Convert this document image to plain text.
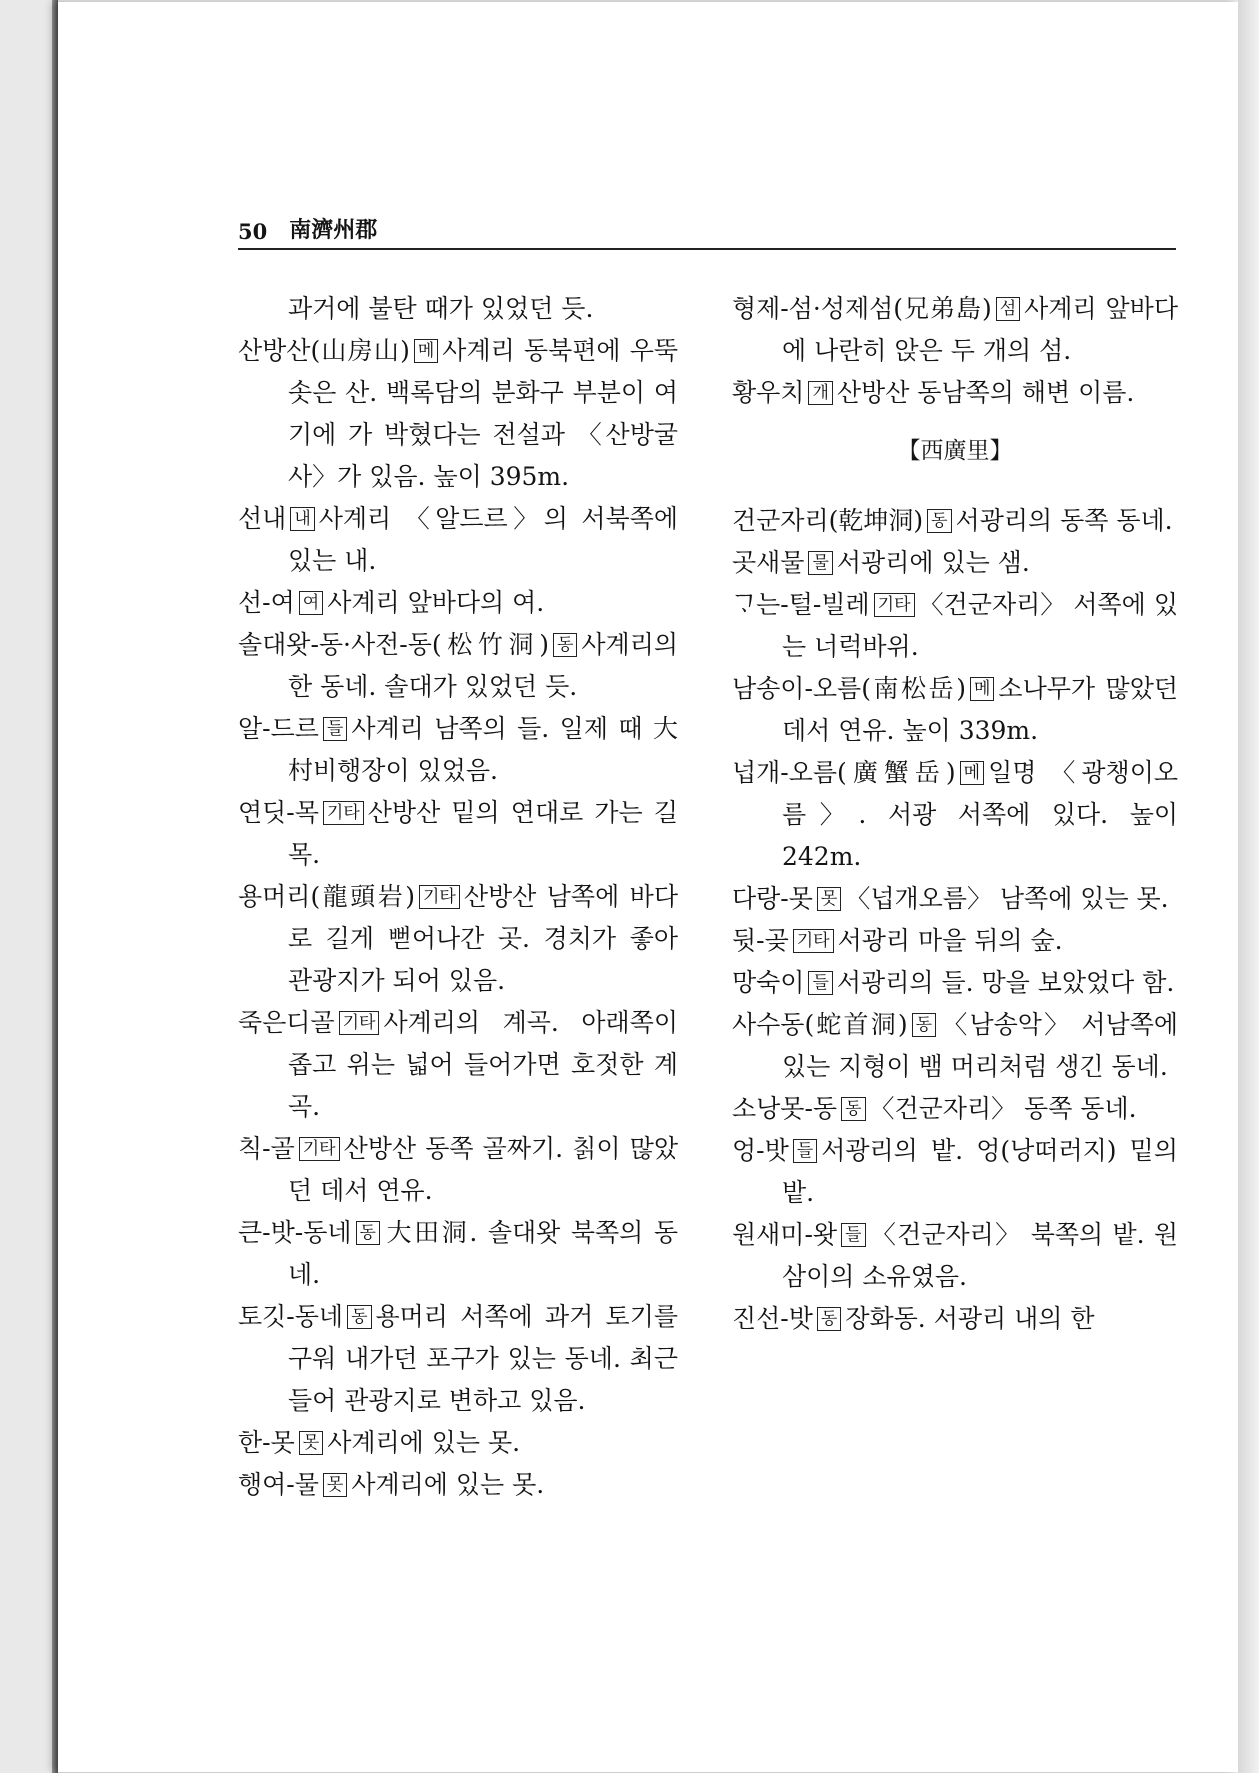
50 南濟州郡
과거에 불탄 때가 있었던 듯.
산방산(山房山) 메 사계리 동북편에 우뚝 솟은 산. 백록담의 분화구 부분이 여기에 가 박혔다는 전설과 〈산방굴사〉가 있음. 높이 395m.
선내 내 사계리 〈알드르〉의 서북쪽에 있는 내.
선-여 여 사계리 앞바다의 여.
솔대왓-동·사전-동(松竹洞) 동 사계리의 한 동네. 솔대가 있었던 듯.
알-드르 들 사계리 남쪽의 들. 일제 때 大村비행장이 있었음.
연딧-목 기타 산방산 밑의 연대로 가는 길목.
용머리(龍頭岩) 기타 산방산 남쪽에 바다로 길게 뻗어나간 곳. 경치가 좋아 관광지가 되어 있음.
죽은디골 기타 사계리의 계곡. 아래쪽이 좁고 위는 넓어 들어가면 호젓한 계곡.
칙-골 기타 산방산 동쪽 골짜기. 칡이 많았던 데서 연유.
큰-밧-동네 동 大田洞. 솔대왓 북쪽의 동네.
토깃-동네 동 용머리 서쪽에 과거 토기를 구워 내가던 포구가 있는 동네. 최근 들어 관광지로 변하고 있음.
한-못 못 사계리에 있는 못.
행여-물 못 사계리에 있는 못.
형제-섬·성제섬(兄弟島) 섬 사계리 앞바다에 나란히 앉은 두 개의 섬.
황우치 개 산방산 동남쪽의 해변 이름.
【西廣里】
건군자리(乾坤洞) 동 서광리의 동쪽 동네.
곳새물 물 서광리에 있는 샘.
ᄀᆞ는-털-빌레 기타 〈건군자리〉 서쪽에 있는 너럭바위.
남송이-오름(南松岳) 메 소나무가 많았던 데서 연유. 높이 339m.
넙개-오름(廣蟹岳) 메 일명 〈광챙이오름〉. 서광 서쪽에 있다. 높이 242m.
다랑-못 못 〈넙개오름〉 남쪽에 있는 못.
뒷-곶 기타 서광리 마을 뒤의 숲.
망숙이 들 서광리의 들. 망을 보았었다 함.
사수동(蛇首洞) 동 〈남송악〉 서남쪽에 있는 지형이 뱀 머리처럼 생긴 동네.
소낭못-동 동 〈건군자리〉 동쪽 동네.
엉-밧 들 서광리의 밭. 엉(낭떠러지) 밑의 밭.
원새미-왓 들 〈건군자리〉 북쪽의 밭. 원삼이의 소유였음.
진선-밧 동 장화동. 서광리 내의 한
